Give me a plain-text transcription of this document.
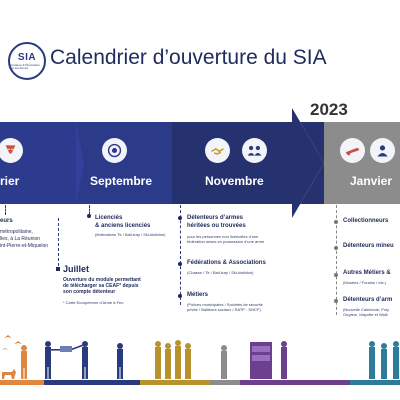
SIA
Système d'Information sur les Armes	Calendrier d’ouverture du SIA
2023
rier	Septembre	Novembre	Janvier
eurs
métropolitaine,
lles, à La Réunion
int-Pierre-et-Miquelon
Licenciés
& anciens licenciés
(fédérations Tir / Ball-trap / Ski-biathlon)
Juillet
Ouverture du module permettant
de télécharger sa CEAF* depuis
son compte détenteur
* Carte Européenne d’Arme à Feu
Détenteurs d’armes
héritées ou trouvées
pour les personnes non licenciées d’une
fédération mises en possession d’une arme
Fédérations & Associations
(Chasse / Tir / Ball-trap / Ski-biathlon)
Métiers
(Polices municipales / Sociétés de sécurité
privée / Bailleurs sociaux / RATP - SNCF)
Collectionneurs
Détenteurs mineu
Autres Métiers &
(Musées / Forains / etc.)
Détenteurs d’arm
(Nouvelle Calédonie, Poly
Guyane, Mayotte et Walli
